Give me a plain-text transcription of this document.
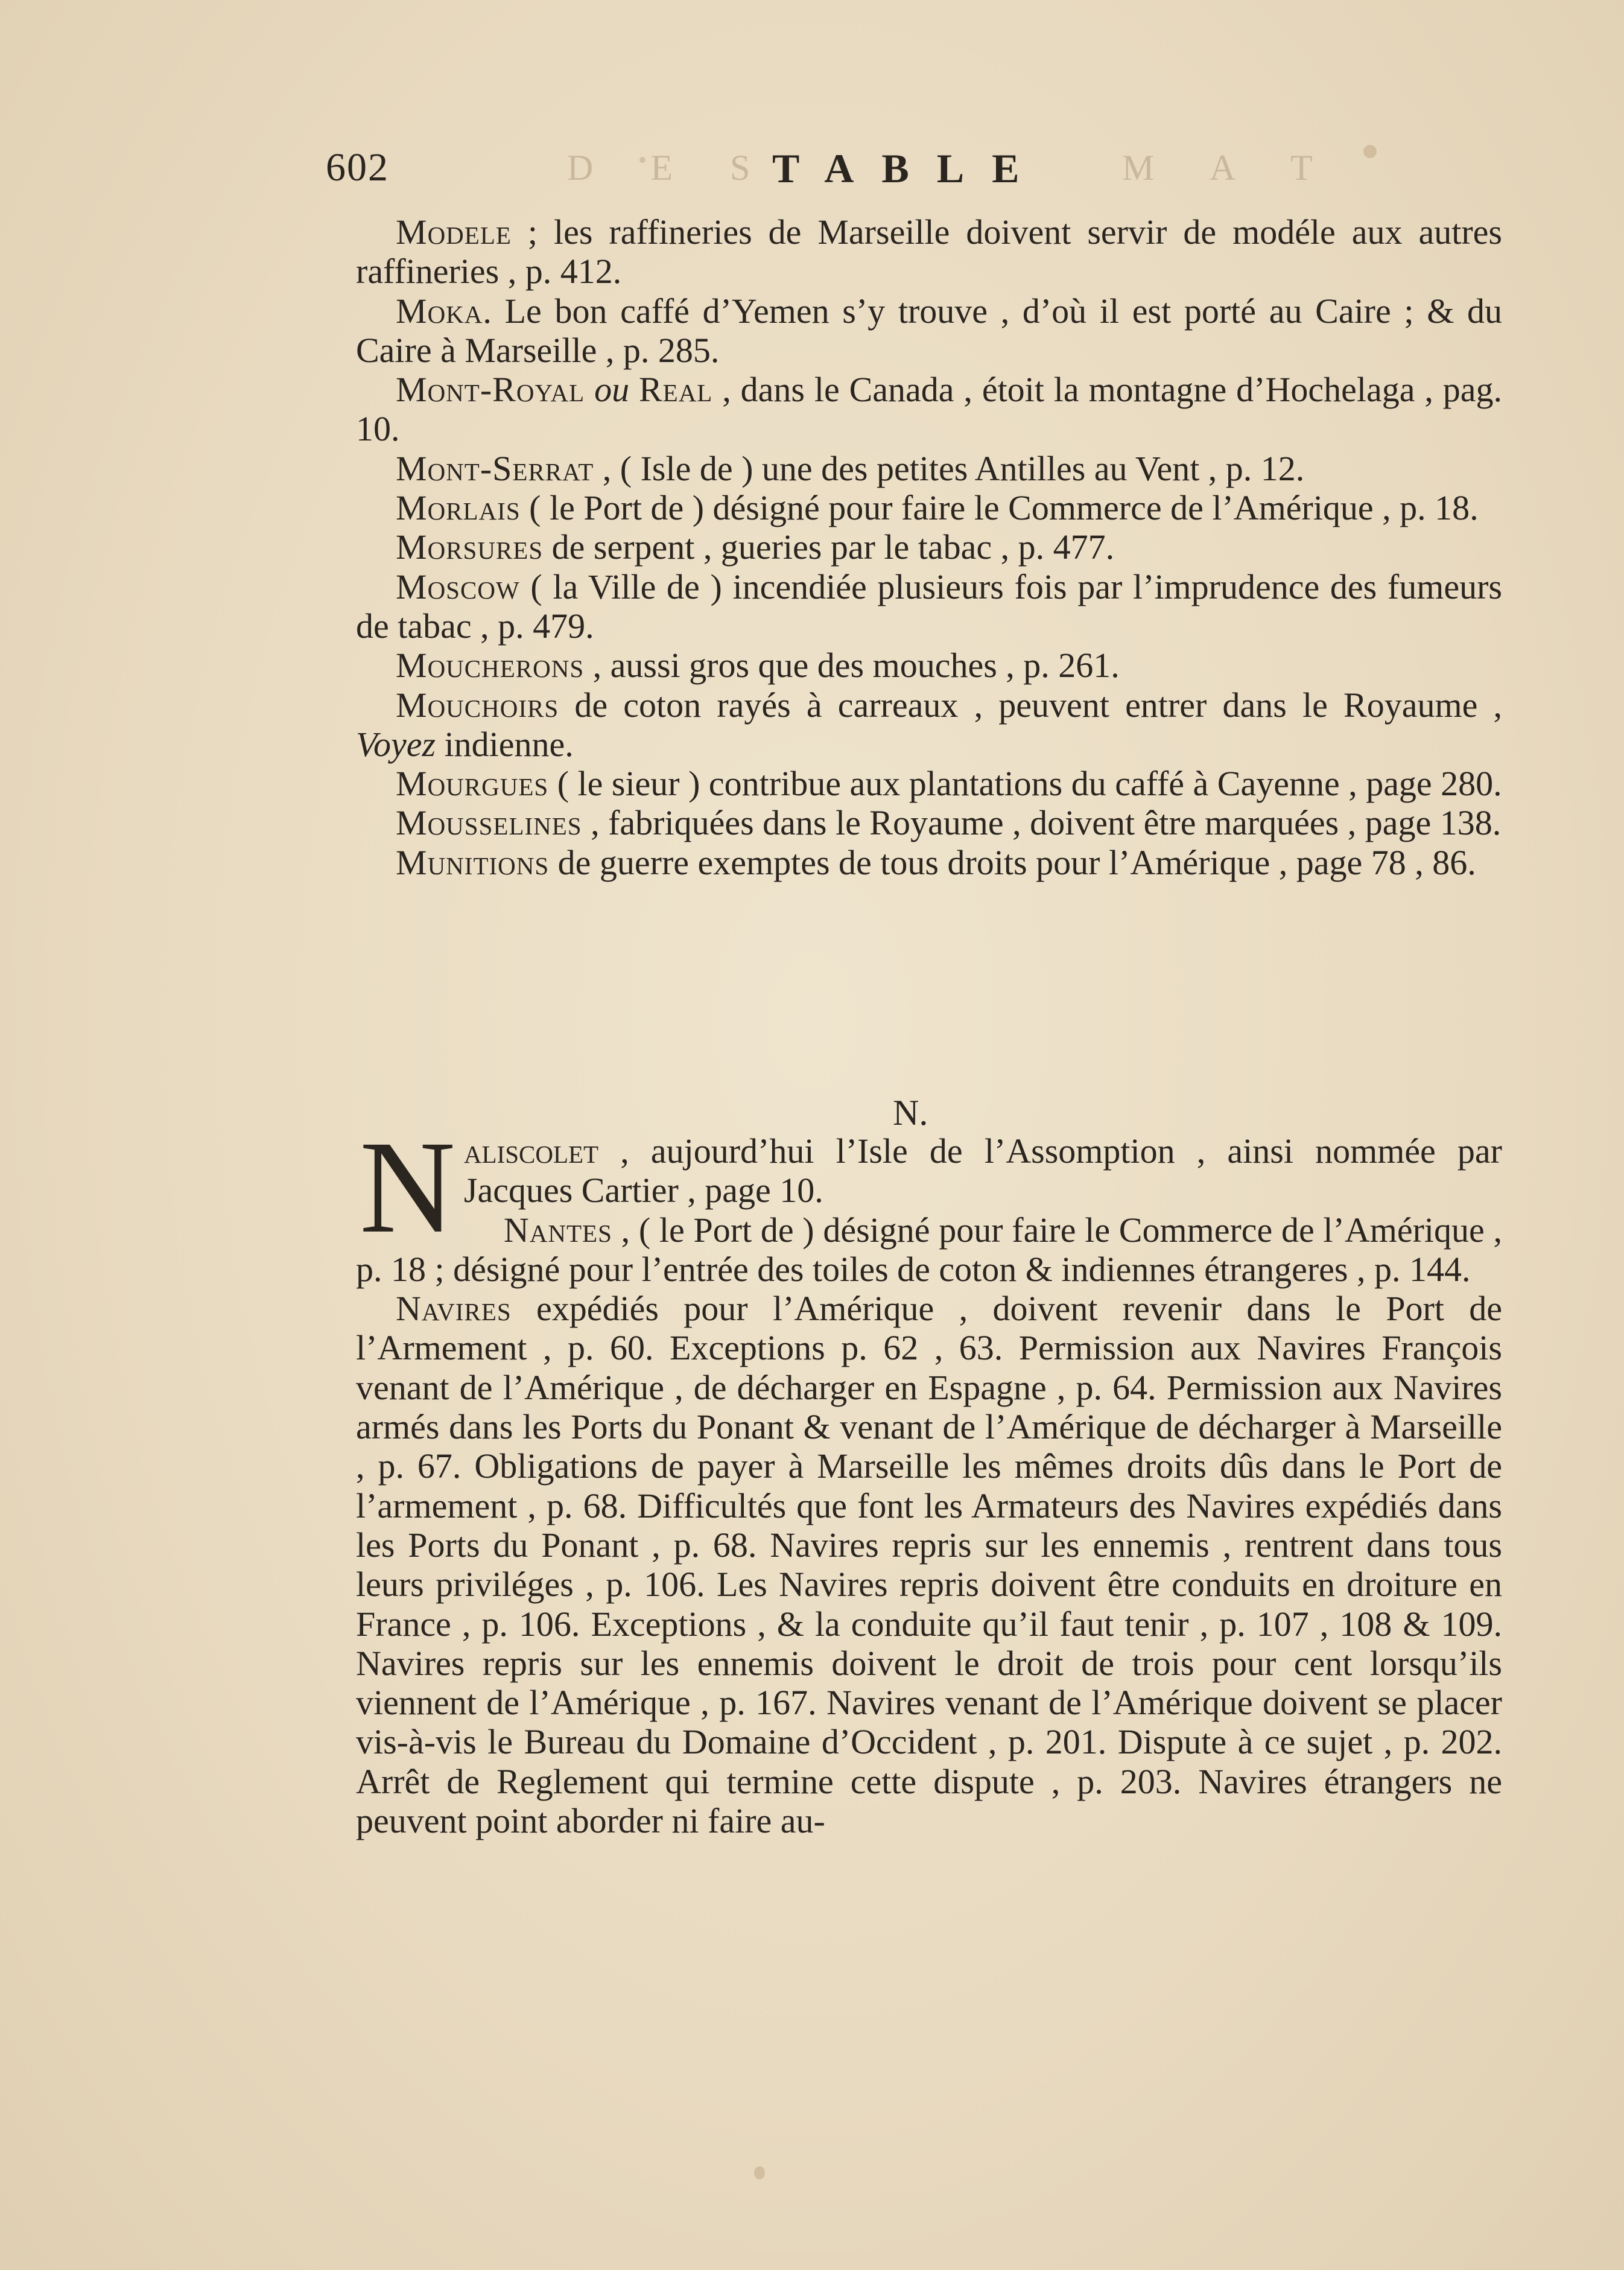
602	D E S
TABLE M A T

Modele ; les raffineries de Marseille doivent servir de modéle aux autres raffineries , p. 412.

Moka. Le bon caffé d’Yemen s’y trouve , d’où il est porté au Caire ; & du Caire à Marseille , p. 285.

Mont-Royal ou Real , dans le Canada , étoit la montagne d’Hochelaga , pag. 10.

Mont-Serrat , ( Isle de ) une des petites Antilles au Vent , p. 12.

Morlais ( le Port de ) désigné pour faire le Commerce de l’Amérique , p. 18.

Morsures de serpent , gueries par le tabac , p. 477.

Moscow ( la Ville de ) incendiée plusieurs fois par l’imprudence des fumeurs de tabac , p. 479.

Moucherons , aussi gros que des mouches , p. 261.

Mouchoirs de coton rayés à carreaux , peuvent entrer dans le Royaume , Voyez indienne.

Mourgues ( le sieur ) contribue aux plantations du caffé à Cayenne , page 280.

Mousselines , fabriquées dans le Royaume , doivent être marquées , page 138.

Munitions de guerre exemptes de tous droits pour l’Amérique , page 78 , 86.

N.

Naliscolet , aujourd’hui l’Isle de l’Assomption , ainsi nommée par Jacques Cartier , page 10.

Nantes , ( le Port de ) désigné pour faire le Commerce de l’Amérique , p. 18 ; désigné pour l’entrée des toiles de coton & indiennes étrangeres , p. 144.

Navires expédiés pour l’Amérique , doivent revenir dans le Port de l’Armement , p. 60. Exceptions p. 62 , 63. Permission aux Navires François venant de l’Amérique , de décharger en Espagne , p. 64. Permission aux Navires armés dans les Ports du Ponant & venant de l’Amérique de décharger à Marseille , p. 67. Obligations de payer à Marseille les mêmes droits dûs dans le Port de l’armement , p. 68. Difficultés que font les Armateurs des Navires expédiés dans les Ports du Ponant , p. 68. Navires repris sur les ennemis , rentrent dans tous leurs priviléges , p. 106. Les Navires repris doivent être conduits en droiture en France , p. 106. Exceptions , & la conduite qu’il faut tenir , p. 107 , 108 & 109. Navires repris sur les ennemis doivent le droit de trois pour cent lorsqu’ils viennent de l’Amérique , p. 167. Navires venant de l’Amérique doivent se placer vis-à-vis le Bureau du Domaine d’Occident , p. 201. Dispute à ce sujet , p. 202. Arrêt de Reglement qui termine cette dispute , p. 203. Navires étrangers ne peuvent point aborder ni faire au-
